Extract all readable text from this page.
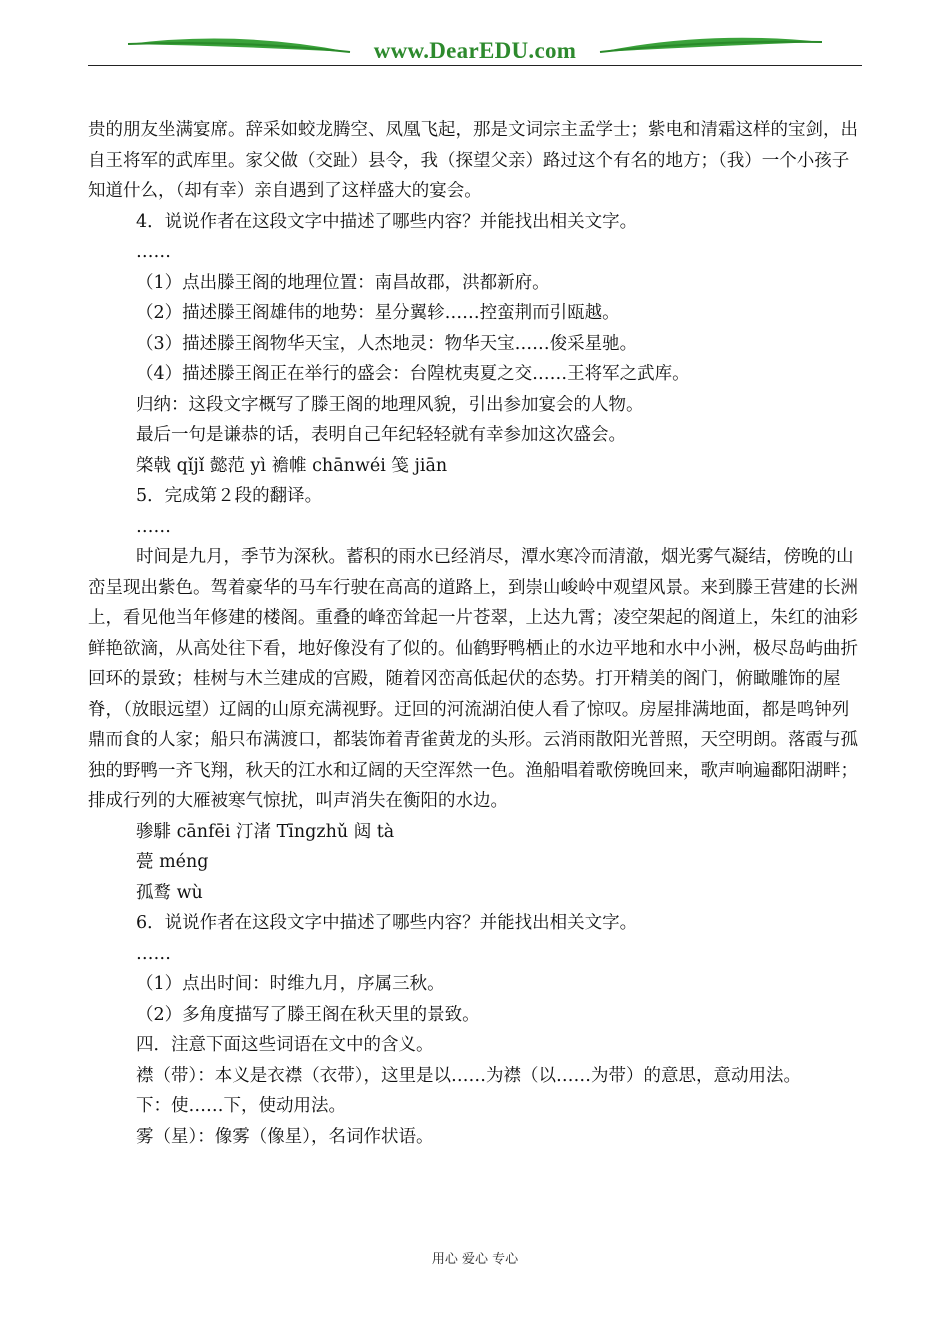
www.DearEDU.com

贵的朋友坐满宴席。辞采如蛟龙腾空、凤凰飞起，那是文词宗主孟学士；紫电和清霜这样的宝剑，出自王将军的武库里。家父做（交趾）县令，我（探望父亲）路过这个有名的地方；（我）一个小孩子知道什么，（却有幸）亲自遇到了这样盛大的宴会。

4．说说作者在这段文字中描述了哪些内容？并能找出相关文字。

……

（1）点出滕王阁的地理位置：南昌故郡，洪都新府。

（2）描述滕王阁雄伟的地势：星分翼轸……控蛮荆而引瓯越。

（3）描述滕王阁物华天宝，人杰地灵：物华天宝……俊采星驰。

（4）描述滕王阁正在举行的盛会：台隍枕夷夏之交……王将军之武库。

归纳：这段文字概写了滕王阁的地理风貌，引出参加宴会的人物。

最后一句是谦恭的话，表明自己年纪轻轻就有幸参加这次盛会。

棨戟 qǐjǐ 懿范 yì 襜帷 chānwéi 笺 jiān

5．完成第２段的翻译。

……

时间是九月，季节为深秋。蓄积的雨水已经消尽，潭水寒冷而清澈，烟光雾气凝结，傍晚的山峦呈现出紫色。驾着豪华的马车行驶在高高的道路上，到崇山峻岭中观望风景。来到滕王营建的长洲上，看见他当年修建的楼阁。重叠的峰峦耸起一片苍翠，上达九霄；凌空架起的阁道上，朱红的油彩鲜艳欲滴，从高处往下看，地好像没有了似的。仙鹤野鸭栖止的水边平地和水中小洲，极尽岛屿曲折回环的景致；桂树与木兰建成的宫殿，随着冈峦高低起伏的态势。打开精美的阁门，俯瞰雕饰的屋脊，（放眼远望）辽阔的山原充满视野。迂回的河流湖泊使人看了惊叹。房屋排满地面，都是鸣钟列鼎而食的人家；船只布满渡口，都装饰着青雀黄龙的头形。云消雨散阳光普照，天空明朗。落霞与孤独的野鸭一齐飞翔，秋天的江水和辽阔的天空浑然一色。渔船唱着歌傍晚回来，歌声响遍鄱阳湖畔；排成行列的大雁被寒气惊扰，叫声消失在衡阳的水边。

骖騑 cānfēi 汀渚 Tīngzhǔ 闼 tà

甍 méng

孤鹜 wù

6．说说作者在这段文字中描述了哪些内容？并能找出相关文字。

……

（1）点出时间：时维九月，序属三秋。

（2）多角度描写了滕王阁在秋天里的景致。

四．注意下面这些词语在文中的含义。

襟（带）：本义是衣襟（衣带），这里是以……为襟（以……为带）的意思，意动用法。

下：使……下，使动用法。

雾（星）：像雾（像星），名词作状语。

用心 爱心 专心
